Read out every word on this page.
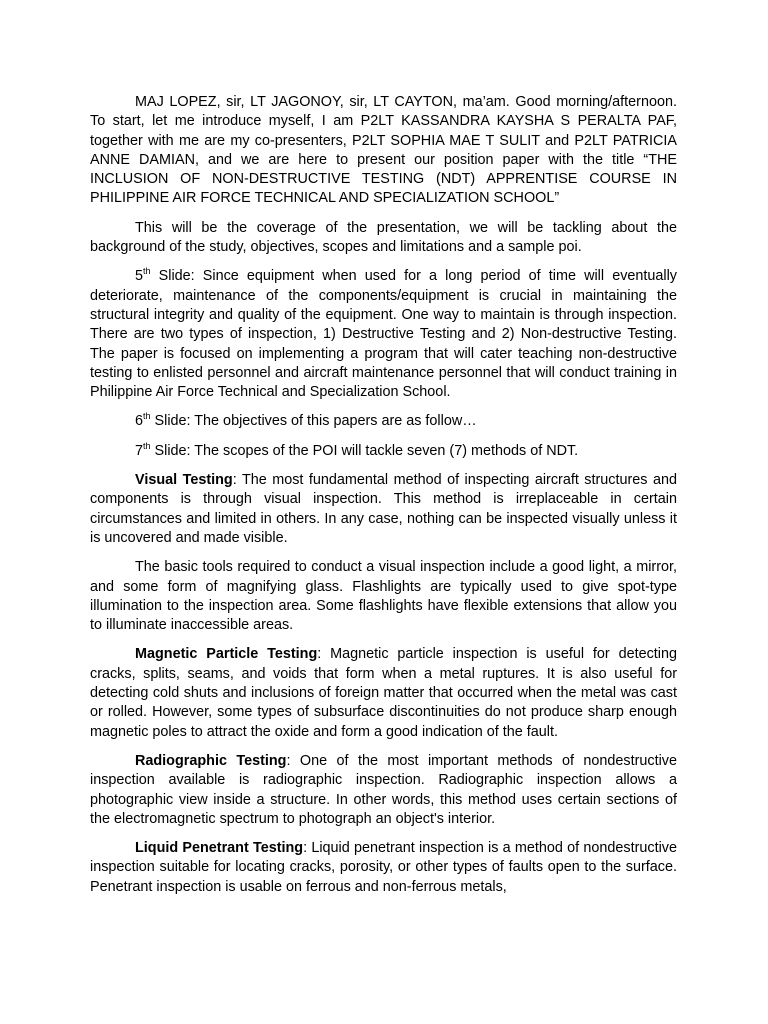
MAJ LOPEZ, sir, LT JAGONOY, sir, LT CAYTON, ma’am. Good morning/afternoon. To start, let me introduce myself, I am P2LT KASSANDRA KAYSHA S PERALTA PAF, together with me are my co-presenters, P2LT SOPHIA MAE T SULIT and P2LT PATRICIA ANNE DAMIAN, and we are here to present our position paper with the title “THE INCLUSION OF NON-DESTRUCTIVE TESTING (NDT) APPRENTISE COURSE IN PHILIPPINE AIR FORCE TECHNICAL AND SPECIALIZATION SCHOOL”

This will be the coverage of the presentation, we will be tackling about the background of the study, objectives, scopes and limitations and a sample poi.

5th Slide: Since equipment when used for a long period of time will eventually deteriorate, maintenance of the components/equipment is crucial in maintaining the structural integrity and quality of the equipment. One way to maintain is through inspection. There are two types of inspection, 1) Destructive Testing and 2) Non-destructive Testing. The paper is focused on implementing a program that will cater teaching non-destructive testing to enlisted personnel and aircraft maintenance personnel that will conduct training in Philippine Air Force Technical and Specialization School.

6th Slide: The objectives of this papers are as follow…

7th Slide: The scopes of the POI will tackle seven (7) methods of NDT.

Visual Testing: The most fundamental method of inspecting aircraft structures and components is through visual inspection. This method is irreplaceable in certain circumstances and limited in others. In any case, nothing can be inspected visually unless it is uncovered and made visible.

The basic tools required to conduct a visual inspection include a good light, a mirror, and some form of magnifying glass. Flashlights are typically used to give spot-type illumination to the inspection area. Some flashlights have flexible extensions that allow you to illuminate inaccessible areas.

Magnetic Particle Testing: Magnetic particle inspection is useful for detecting cracks, splits, seams, and voids that form when a metal ruptures. It is also useful for detecting cold shuts and inclusions of foreign matter that occurred when the metal was cast or rolled. However, some types of subsurface discontinuities do not produce sharp enough magnetic poles to attract the oxide and form a good indication of the fault.

Radiographic Testing: One of the most important methods of nondestructive inspection available is radiographic inspection. Radiographic inspection allows a photographic view inside a structure. In other words, this method uses certain sections of the electromagnetic spectrum to photograph an object's interior.

Liquid Penetrant Testing: Liquid penetrant inspection is a method of nondestructive inspection suitable for locating cracks, porosity, or other types of faults open to the surface. Penetrant inspection is usable on ferrous and non-ferrous metals,
